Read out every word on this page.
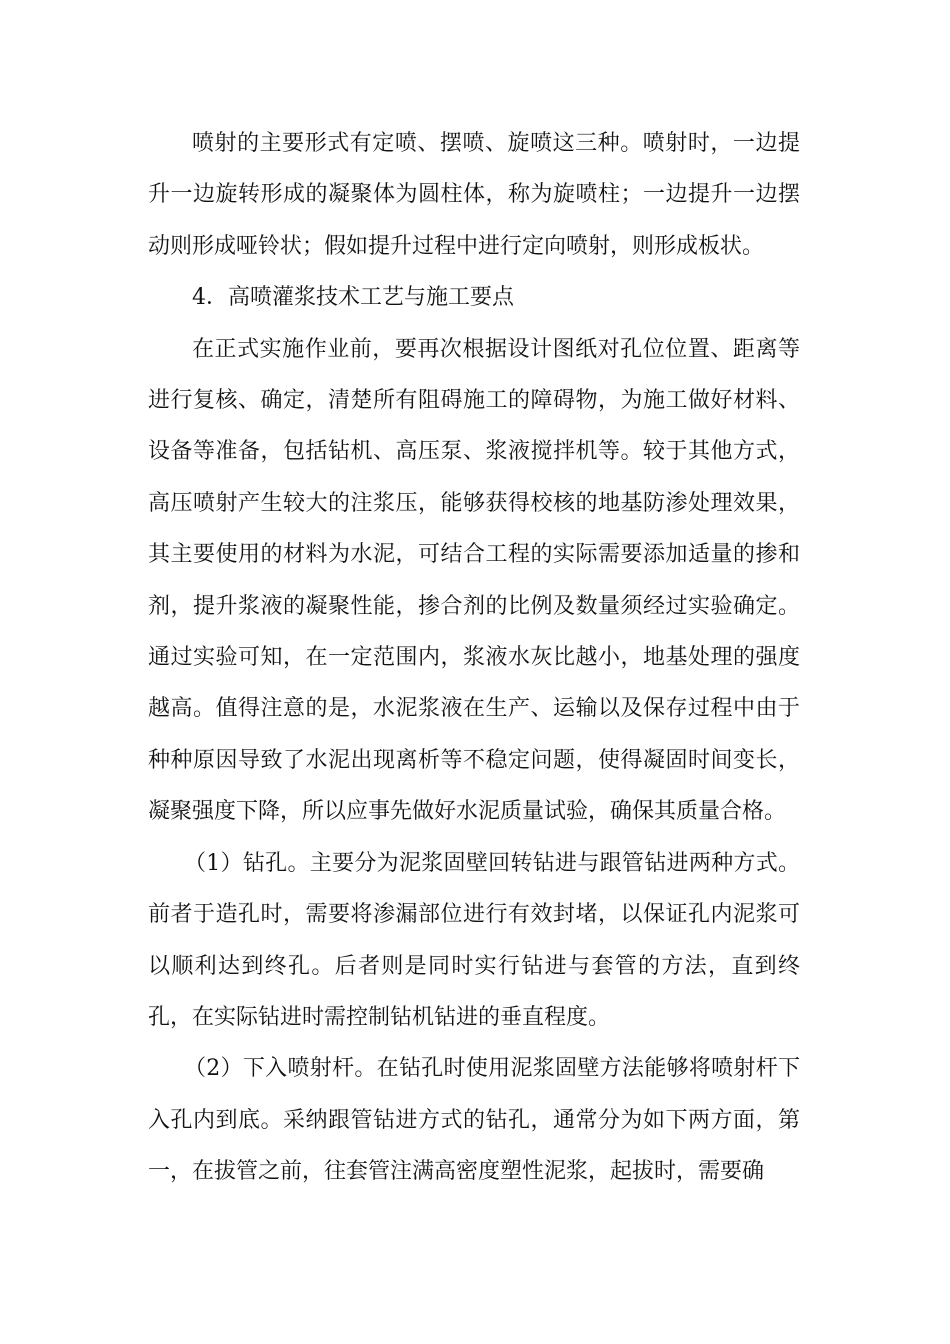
喷射的主要形式有定喷、摆喷、旋喷这三种。喷射时，一边提升一边旋转形成的凝聚体为圆柱体，称为旋喷柱；一边提升一边摆动则形成哑铃状；假如提升过程中进行定向喷射，则形成板状。

4．高喷灌浆技术工艺与施工要点

在正式实施作业前，要再次根据设计图纸对孔位位置、距离等进行复核、确定，清楚所有阻碍施工的障碍物，为施工做好材料、设备等准备，包括钻机、高压泵、浆液搅拌机等。较于其他方式，高压喷射产生较大的注浆压，能够获得校核的地基防渗处理效果，其主要使用的材料为水泥，可结合工程的实际需要添加适量的掺和剂，提升浆液的凝聚性能，掺合剂的比例及数量须经过实验确定。通过实验可知，在一定范围内，浆液水灰比越小，地基处理的强度越高。值得注意的是，水泥浆液在生产、运输以及保存过程中由于种种原因导致了水泥出现离析等不稳定问题，使得凝固时间变长，凝聚强度下降，所以应事先做好水泥质量试验，确保其质量合格。

（1）钻孔。主要分为泥浆固壁回转钻进与跟管钻进两种方式。前者于造孔时，需要将渗漏部位进行有效封堵，以保证孔内泥浆可以顺利达到终孔。后者则是同时实行钻进与套管的方法，直到终孔，在实际钻进时需控制钻机钻进的垂直程度。

（2）下入喷射杆。在钻孔时使用泥浆固壁方法能够将喷射杆下入孔内到底。采纳跟管钻进方式的钻孔，通常分为如下两方面，第一，在拔管之前，往套管注满高密度塑性泥浆，起拔时，需要确
